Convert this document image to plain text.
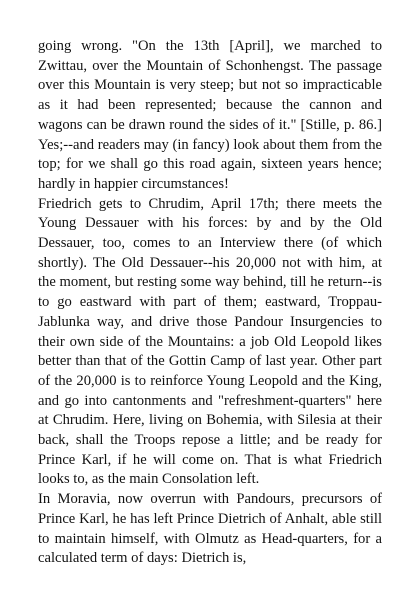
going wrong. "On the 13th [April], we marched to Zwittau, over the Mountain of Schonhengst. The passage over this Mountain is very steep; but not so impracticable as it had been represented; because the cannon and wagons can be drawn round the sides of it." [Stille, p. 86.] Yes;--and readers may (in fancy) look about them from the top; for we shall go this road again, sixteen years hence; hardly in happier circumstances!

Friedrich gets to Chrudim, April 17th; there meets the Young Dessauer with his forces: by and by the Old Dessauer, too, comes to an Interview there (of which shortly). The Old Dessauer--his 20,000 not with him, at the moment, but resting some way behind, till he return--is to go eastward with part of them; eastward, Troppau-Jablunka way, and drive those Pandour Insurgencies to their own side of the Mountains: a job Old Leopold likes better than that of the Gottin Camp of last year. Other part of the 20,000 is to reinforce Young Leopold and the King, and go into cantonments and "refreshment-quarters" here at Chrudim. Here, living on Bohemia, with Silesia at their back, shall the Troops repose a little; and be ready for Prince Karl, if he will come on. That is what Friedrich looks to, as the main Consolation left.

In Moravia, now overrun with Pandours, precursors of Prince Karl, he has left Prince Dietrich of Anhalt, able still to maintain himself, with Olmutz as Head-quarters, for a calculated term of days: Dietrich is,
